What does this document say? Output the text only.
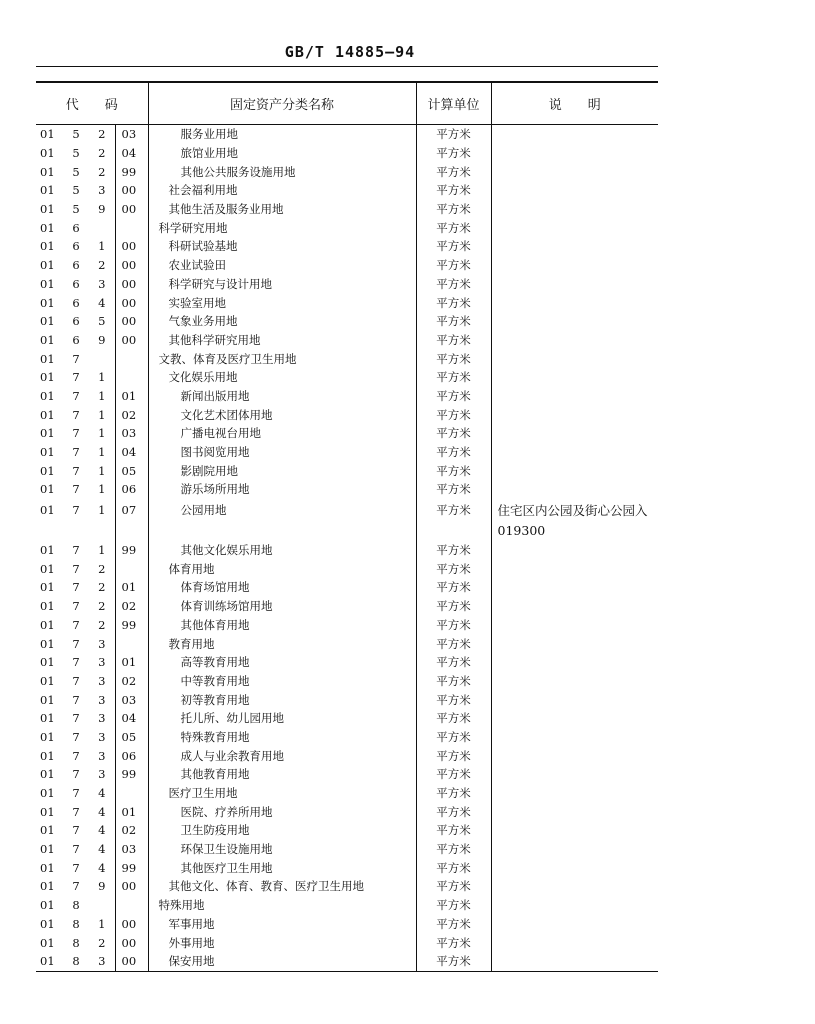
GB/T 14885—94
代　　码				固定资产分类名称	计算单位	说　　明
01	5	2	03	服务业用地	平方米	
01	5	2	04	旅馆业用地	平方米	
01	5	2	99	其他公共服务设施用地	平方米	
01	5	3	00	社会福利用地	平方米	
01	5	9	00	其他生活及服务业用地	平方米	
01	6			科学研究用地	平方米	
01	6	1	00	科研试验基地	平方米	
01	6	2	00	农业试验田	平方米	
01	6	3	00	科学研究与设计用地	平方米	
01	6	4	00	实验室用地	平方米	
01	6	5	00	气象业务用地	平方米	
01	6	9	00	其他科学研究用地	平方米	
01	7			文教、体育及医疗卫生用地	平方米	
01	7	1		文化娱乐用地	平方米	
01	7	1	01	新闻出版用地	平方米	
01	7	1	02	文化艺术团体用地	平方米	
01	7	1	03	广播电视台用地	平方米	
01	7	1	04	图书阅览用地	平方米	
01	7	1	05	影剧院用地	平方米	
01	7	1	06	游乐场所用地	平方米	
01	7	1	07	公园用地	平方米	住宅区内公园及街心公园入 019300
01	7	1	99	其他文化娱乐用地	平方米	
01	7	2		体育用地	平方米	
01	7	2	01	体育场馆用地	平方米	
01	7	2	02	体育训练场馆用地	平方米	
01	7	2	99	其他体育用地	平方米	
01	7	3		教育用地	平方米	
01	7	3	01	高等教育用地	平方米	
01	7	3	02	中等教育用地	平方米	
01	7	3	03	初等教育用地	平方米	
01	7	3	04	托儿所、幼儿园用地	平方米	
01	7	3	05	特殊教育用地	平方米	
01	7	3	06	成人与业余教育用地	平方米	
01	7	3	99	其他教育用地	平方米	
01	7	4		医疗卫生用地	平方米	
01	7	4	01	医院、疗养所用地	平方米	
01	7	4	02	卫生防疫用地	平方米	
01	7	4	03	环保卫生设施用地	平方米	
01	7	4	99	其他医疗卫生用地	平方米	
01	7	9	00	其他文化、体育、教育、医疗卫生用地	平方米	
01	8			特殊用地	平方米	
01	8	1	00	军事用地	平方米	
01	8	2	00	外事用地	平方米	
01	8	3	00	保安用地	平方米	
